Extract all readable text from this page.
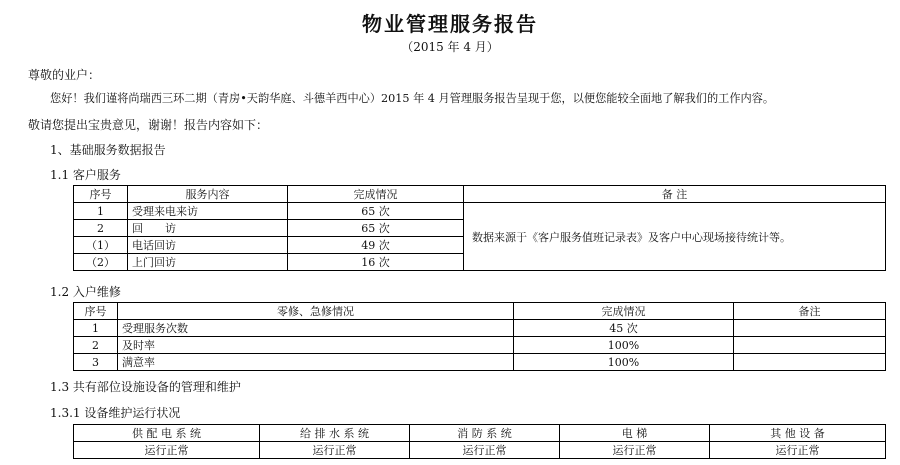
物业管理服务报告
（2015 年 4 月）
尊敬的业户：
您好！我们谨将尚瑞西三环二期（青房•天韵华庭、斗德羊西中心）2015 年 4 月管理服务报告呈现于您，以便您能较全面地了解我们的工作内容。
敬请您提出宝贵意见，谢谢！报告内容如下：
1、基础服务数据报告
1.1 客户服务
序号	服务内容	完成情况	备 注
1	受理来电来访	65 次	数据来源于《客户服务值班记录表》及客户中心现场接待统计等。
2	回　　访	65 次	
（1）	电话回访	49 次	
（2）	上门回访	16 次	
1.2 入户维修
序号	零修、急修情况	完成情况	备注
1	受理服务次数	45 次	
2	及时率	100%	
3	满意率	100%	
1.3 共有部位设施设备的管理和维护
1.3.1 设备维护运行状况
供 配 电 系 统	给 排 水 系 统	消 防 系 统	电 梯	其 他 设 备
运行正常	运行正常	运行正常	运行正常	运行正常
